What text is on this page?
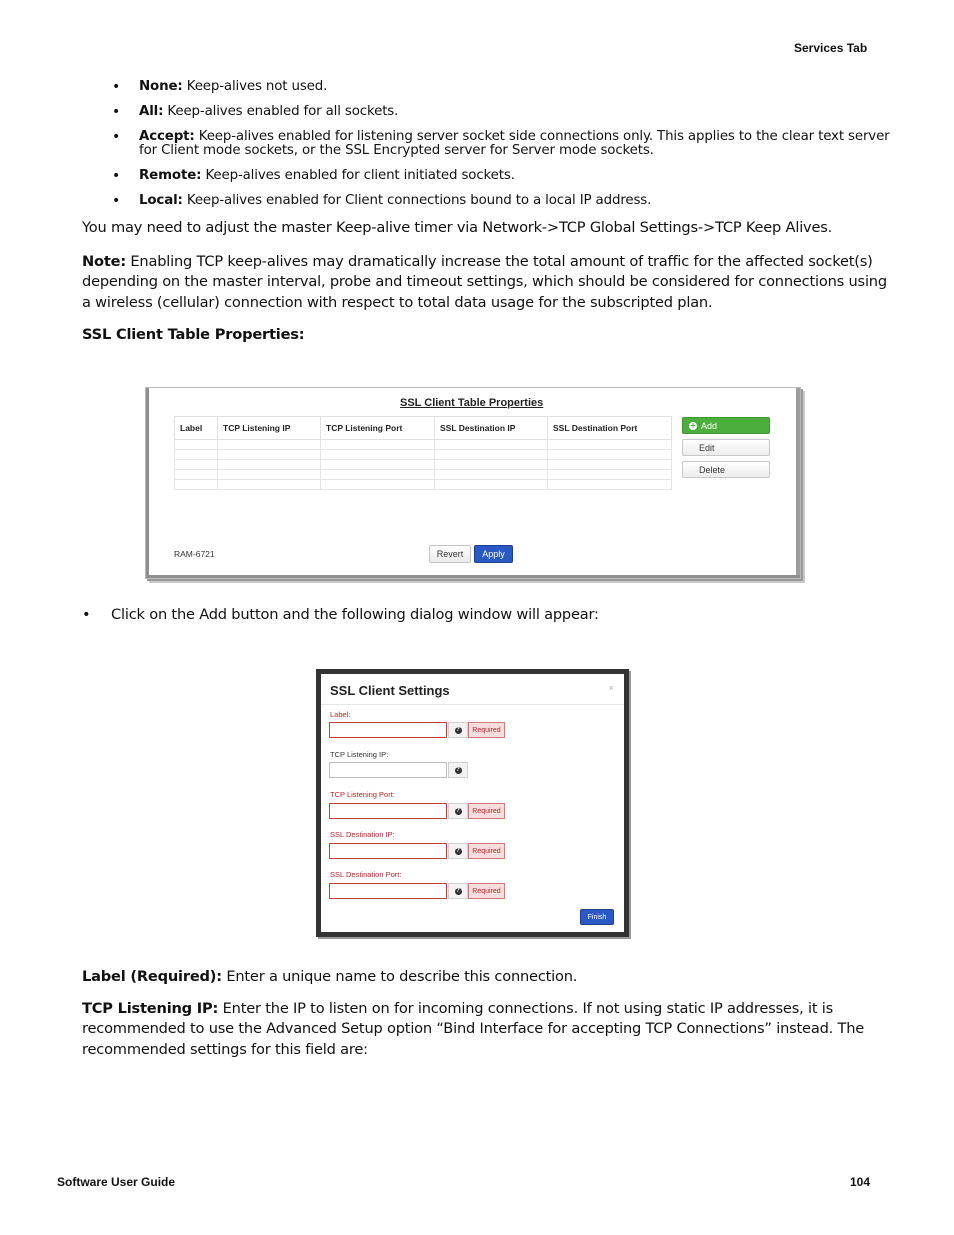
Services Tab
• None: Keep-alives not used.
• All: Keep-alives enabled for all sockets.
• Accept: Keep-alives enabled for listening server socket side connections only. This applies to the clear text server for Client mode sockets, or the SSL Encrypted server for Server mode sockets.
• Remote: Keep-alives enabled for client initiated sockets.
• Local: Keep-alives enabled for Client connections bound to a local IP address.
You may need to adjust the master Keep-alive timer via Network->TCP Global Settings->TCP Keep Alives.
Note: Enabling TCP keep-alives may dramatically increase the total amount of traffic for the affected socket(s) depending on the master interval, probe and timeout settings, which should be considered for connections using a wireless (cellular) connection with respect to total data usage for the subscripted plan.
SSL Client Table Properties:
SSL Client Table Properties
Label	TCP Listening IP	TCP Listening Port	SSL Destination IP	SSL Destination Port

					+ Add
Edit
Delete
RAM-6721	Revert	Apply
• Click on the Add button and the following dialog window will appear:
SSL Client Settings	×
Label:
?	Required
TCP Listening IP:
?
TCP Listening Port:
?	Required
SSL Destination IP:
?	Required
SSL Destination Port:
?	Required
Finish
Label (Required): Enter a unique name to describe this connection.
TCP Listening IP: Enter the IP to listen on for incoming connections. If not using static IP addresses, it is recommended to use the Advanced Setup option “Bind Interface for accepting TCP Connections” instead. The recommended settings for this field are:
Software User Guide	104
